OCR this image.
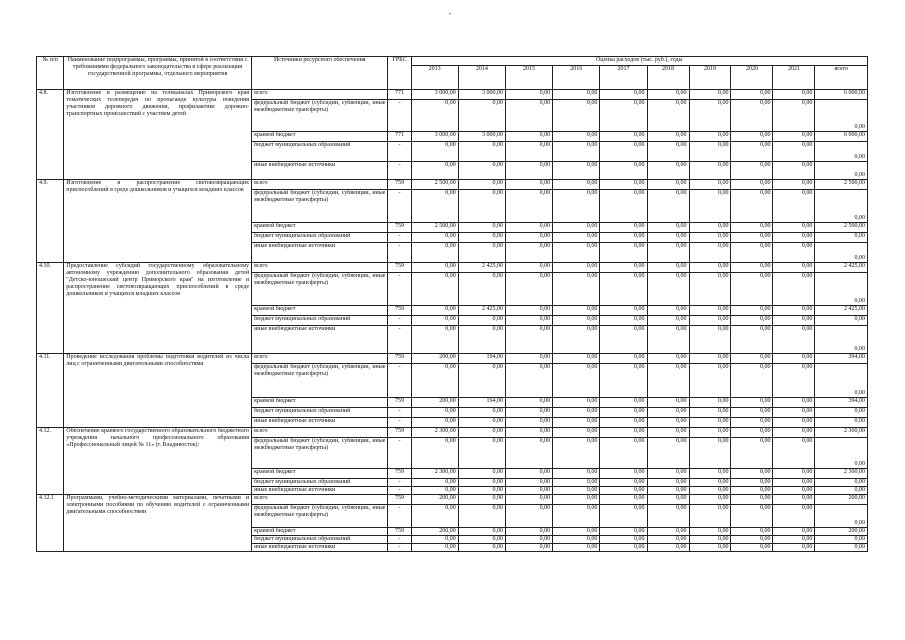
"
№ п/п	Наименование подпрограммы, программы, принятой в соответствии с требованиями федерального законодательства в сфере реализации государственной программы, отдельного мероприятия	Источники ресурсного обеспечения	ГРБС	Оценка расходов (тыс. руб.), годы									
				2013	2014	2015	2016	2017	2018	2019	2020	2021	всего
4.8.	Изготовление и размещение на телеканалах Приморского края тематических телепередач по пропаганде культуры поведения участников дорожного движения, профилактике дорожно-транспортных происшествий с участием детей	всего	771	3 000,00	3 000,00	0,00	0,00	0,00	0,00	0,00	0,00	0,00	6 000,00
		федеральный бюджет (субсидии, субвенции, иные межбюджетные трансферты)	-	0,00	0,00	0,00	0,00	0,00	0,00	0,00	0,00	0,00	0,00
		краевой бюджет	771	3 000,00	3 000,00	0,00	0,00	0,00	0,00	0,00	0,00	0,00	6 000,00
		бюджет муниципальных образований	-	0,00	0,00	0,00	0,00	0,00	0,00	0,00	0,00	0,00	0,00
		иные внебюджетные источники	-	0,00	0,00	0,00	0,00	0,00	0,00	0,00	0,00	0,00	0,00
4.9.	Изготовление и распространение световозвращающих приспособлений в среде дошкольников и учащихся младших классов	всего	759	2 500,00	0,00	0,00	0,00	0,00	0,00	0,00	0,00	0,00	2 500,00
		федеральный бюджет (субсидии, субвенции, иные межбюджетные трансферты)	-	0,00	0,00	0,00	0,00	0,00	0,00	0,00	0,00	0,00	0,00
		краевой бюджет	759	2 500,00	0,00	0,00	0,00	0,00	0,00	0,00	0,00	0,00	2 500,00
		бюджет муниципальных образований	-	0,00	0,00	0,00	0,00	0,00	0,00	0,00	0,00	0,00	0,00
		иные внебюджетные источники	-	0,00	0,00	0,00	0,00	0,00	0,00	0,00	0,00	0,00	0,00
4.10.	Предоставление субсидий государственному образовательному автономному учреждению дополнительного образования детей "Детско-юношеский центр Приморского края" на изготовление и распространение световозвращающих приспособлений в среде дошкольников и учащихся младших классов	всего	759	0,00	2 425,00	0,00	0,00	0,00	0,00	0,00	0,00	0,00	2 425,00
		федеральный бюджет (субсидии, субвенции, иные межбюджетные трансферты)	-	0,00	0,00	0,00	0,00	0,00	0,00	0,00	0,00	0,00	0,00
		краевой бюджет	759	0,00	2 425,00	0,00	0,00	0,00	0,00	0,00	0,00	0,00	2 425,00
		бюджет муниципальных образований	-	0,00	0,00	0,00	0,00	0,00	0,00	0,00	0,00	0,00	0,00
		иные внебюджетные источники	-	0,00	0,00	0,00	0,00	0,00	0,00	0,00	0,00	0,00	0,00
4.11.	Проведение исследования проблемы подготовки водителей из числа лиц с ограниченными двигательными способностями	всего	759	200,00	194,00	0,00	0,00	0,00	0,00	0,00	0,00	0,00	394,00
		федеральный бюджет (субсидии, субвенции, иные межбюджетные трансферты)	-	0,00	0,00	0,00	0,00	0,00	0,00	0,00	0,00	0,00	0,00
		краевой бюджет	759	200,00	194,00	0,00	0,00	0,00	0,00	0,00	0,00	0,00	394,00
		бюджет муниципальных образований	-	0,00	0,00	0,00	0,00	0,00	0,00	0,00	0,00	0,00	0,00
		иные внебюджетные источники	-	0,00	0,00	0,00	0,00	0,00	0,00	0,00	0,00	0,00	0,00
4.12.	Обеспечение краевого государственного образовательного бюджетного учреждения начального профессионального образования «Профессиональный лицей № 11» (г. Владивосток):	всего	759	2 300,00	0,00	0,00	0,00	0,00	0,00	0,00	0,00	0,00	2 300,00
		федеральный бюджет (субсидии, субвенции, иные межбюджетные трансферты)	-	0,00	0,00	0,00	0,00	0,00	0,00	0,00	0,00	0,00	0,00
		краевой бюджет	759	2 300,00	0,00	0,00	0,00	0,00	0,00	0,00	0,00	0,00	2 300,00
		бюджет муниципальных образований	-	0,00	0,00	0,00	0,00	0,00	0,00	0,00	0,00	0,00	0,00
		иные внебюджетные источники	-	0,00	0,00	0,00	0,00	0,00	0,00	0,00	0,00	0,00	0,00
4.12.1	Программами, учебно-методическими материалами, печатными и электронными пособиями по обучению водителей с ограниченными двигательными способностями	всего	759	200,00	0,00	0,00	0,00	0,00	0,00	0,00	0,00	0,00	200,00
		федеральный бюджет (субсидии, субвенции, иные межбюджетные трансферты)	-	0,00	0,00	0,00	0,00	0,00	0,00	0,00	0,00	0,00	0,00
		краевой бюджет	759	200,00	0,00	0,00	0,00	0,00	0,00	0,00	0,00	0,00	200,00
		бюджет муниципальных образований	-	0,00	0,00	0,00	0,00	0,00	0,00	0,00	0,00	0,00	0,00
		иные внебюджетные источники	-	0,00	0,00	0,00	0,00	0,00	0,00	0,00	0,00	0,00	0,00
